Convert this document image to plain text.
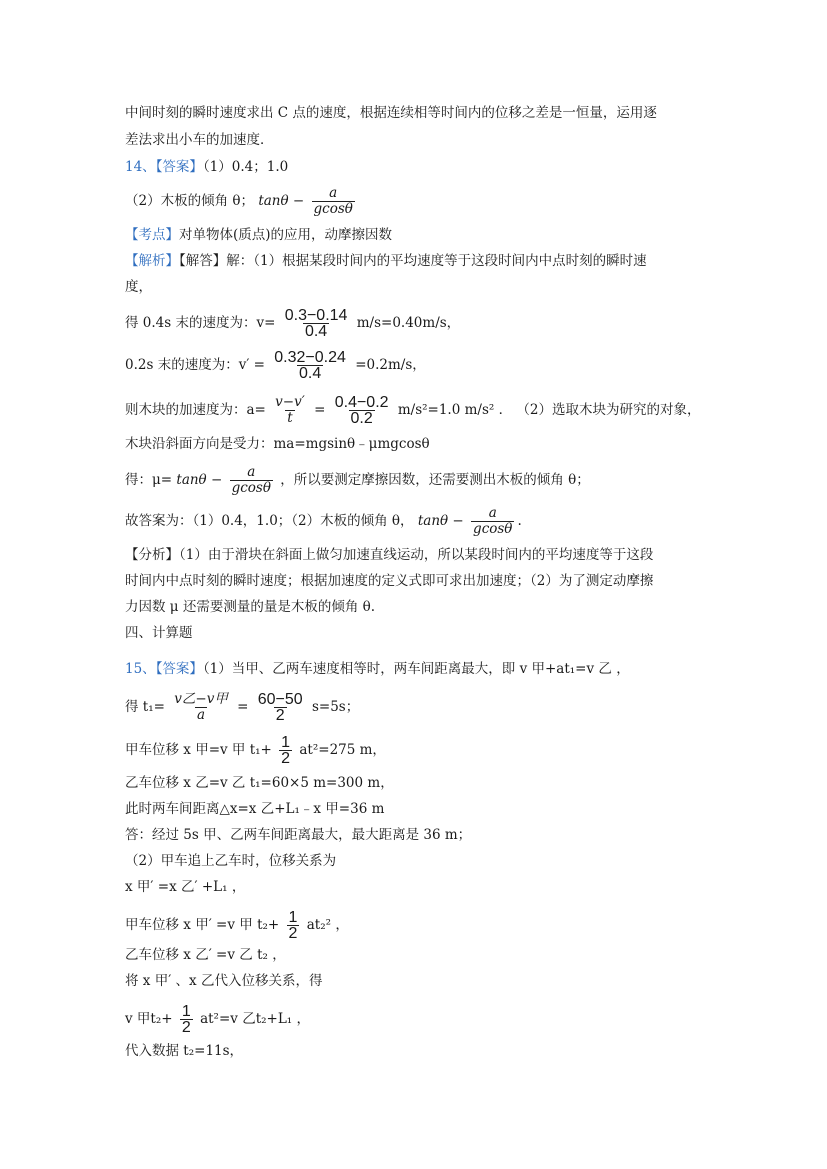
中间时刻的瞬时速度求出 C 点的速度，根据连续相等时间内的位移之差是一恒量，运用逐
差法求出小车的加速度．
14、【答案】（1）0.4；1.0
（2）木板的倾角 θ； $\tan\theta - \frac{a}{gcos\theta}$
【考点】对单物体(质点)的应用，动摩擦因数
【解析】【解答】解：（1）根据某段时间内的平均速度等于这段时间内中点时刻的瞬时速
度，
得 0.4s 末的速度为：$v= \frac{0.3-0.14}{0.4} m/s=0.40m/s$，
0.2s 末的速度为：$v' = \frac{0.32-0.24}{0.4} =0.2m/s$，
则木块的加速度为：$a= \frac{v-v'}{t} = \frac{0.4-0.2}{0.2} m/s^2=1.0$ m/s² ． （2）选取木块为研究的对象，
木块沿斜面方向是受力：ma=mgsinθ﹣μmgcosθ
得：$\mu= \tan\theta - \frac{a}{gcos\theta}$ ，所以要测定摩擦因数，还需要测出木板的倾角 θ；
故答案为：（1）0.4，1.0；（2）木板的倾角 θ， $\tan\theta - \frac{a}{gcos\theta}$ .
【分析】（1）由于滑块在斜面上做匀加速直线运动，所以某段时间内的平均速度等于这段
时间内中点时刻的瞬时速度；根据加速度的定义式即可求出加速度；（2）为了测定动摩擦
力因数 μ 还需要测量的量是木板的倾角 θ.
四、计算题
15、【答案】（1）当甲、乙两车速度相等时，两车间距离最大，即 v 甲+at₁=v 乙 ，
得 $t_1= \frac{\text{v乙−v甲}}{a} = \frac{60-50}{2} s=5s$；
甲车位移 x 甲=v 甲 $t_1+ \frac{1}{2} at^2=275$ m，
乙车位移 x 乙=v 乙 t₁=60×5 m=300 m，
此时两车间距离△x=x 乙+L₁﹣x 甲=36 m
答：经过 5s 甲、乙两车间距离最大，最大距离是 36 m；
（2）甲车追上乙车时，位移关系为
x 甲′ =x 乙′ +L₁ ，
甲车位移 x 甲′ =v 甲 $t_2+ \frac{1}{2} at_2^2$ ，
乙车位移 x 乙′ =v 乙 t₂ ，
将 x 甲′ 、x 乙代入位移关系，得
v 甲$t_2+ \frac{1}{2} at^2=v$ 乙t₂+L₁ ，
代入数据 t₂=11s，
